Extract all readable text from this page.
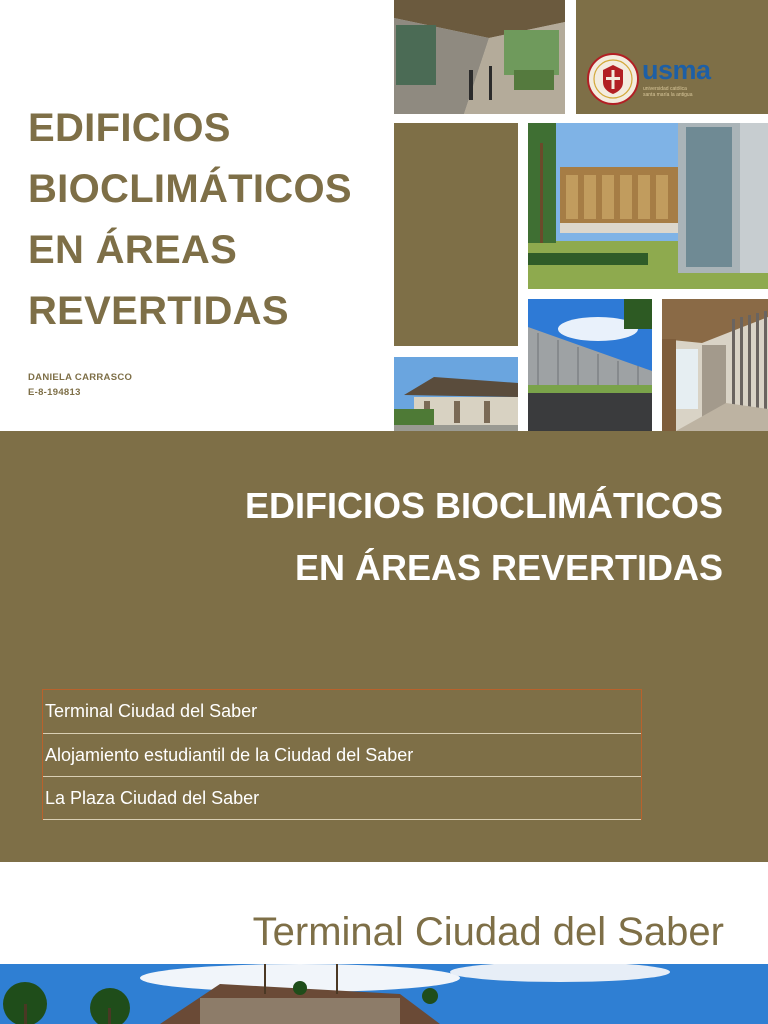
EDIFICIOS
BIOCLIMÁTICOS
EN ÁREAS
REVERTIDAS
DANIELA CARRASCO
E-8-194813
usma
universidad católica
santa maría la antigua
EDIFICIOS BIOCLIMÁTICOS
EN ÁREAS REVERTIDAS
Terminal Ciudad del Saber
Alojamiento estudiantil de la Ciudad del Saber
La Plaza Ciudad del Saber
Terminal Ciudad del Saber
